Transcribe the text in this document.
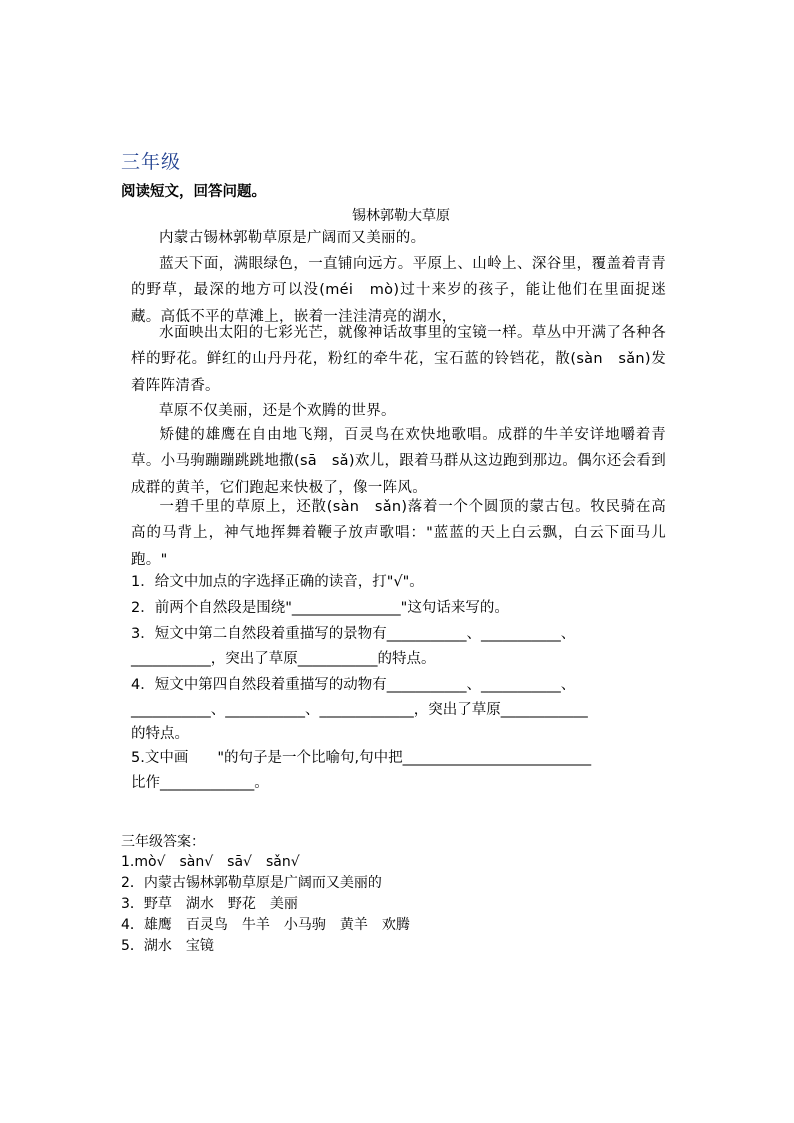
三年级
阅读短文，回答问题。
锡林郭勒大草原

内蒙古锡林郭勒草原是广阔而又美丽的。

蓝天下面，满眼绿色，一直铺向远方。平原上、山岭上、深谷里，覆盖着青青的野草，最深的地方可以没(méi　mò)过十来岁的孩子，能让他们在里面捉迷藏。高低不平的草滩上，嵌着一洼洼清亮的湖水，

水面映出太阳的七彩光芒，就像神话故事里的宝镜一样。草丛中开满了各种各样的野花。鲜红的山丹丹花，粉红的牵牛花，宝石蓝的铃铛花，散(sàn　sǎn)发着阵阵清香。

草原不仅美丽，还是个欢腾的世界。

矫健的雄鹰在自由地飞翔，百灵鸟在欢快地歌唱。成群的牛羊安详地嚼着青草。小马驹蹦蹦跳跳地撒(sā　sǎ)欢儿，跟着马群从这边跑到那边。偶尔还会看到成群的黄羊，它们跑起来快极了，像一阵风。

一碧千里的草原上，还散(sàn　sǎn)落着一个个圆顶的蒙古包。牧民骑在高高的马背上，神气地挥舞着鞭子放声歌唱："蓝蓝的天上白云飘，白云下面马儿跑。"

1．给文中加点的字选择正确的读音，打"√"。

2．前两个自然段是围绕"_______________"这句话来写的。

3．短文中第二自然段着重描写的景物有___________、___________、

___________，突出了草原___________的特点。

4．短文中第四自然段着重描写的动物有___________、___________、

___________、___________、_____________，突出了草原____________

的特点。

5.文中画　　"的句子是一个比喻句,句中把__________________________

比作_____________。

三年级答案：
1.mò√　sàn√　sā√　sǎn√
2．内蒙古锡林郭勒草原是广阔而又美丽的
3．野草　湖水　野花　美丽
4．雄鹰　百灵鸟　牛羊　小马驹　黄羊　欢腾
5．湖水　宝镜
